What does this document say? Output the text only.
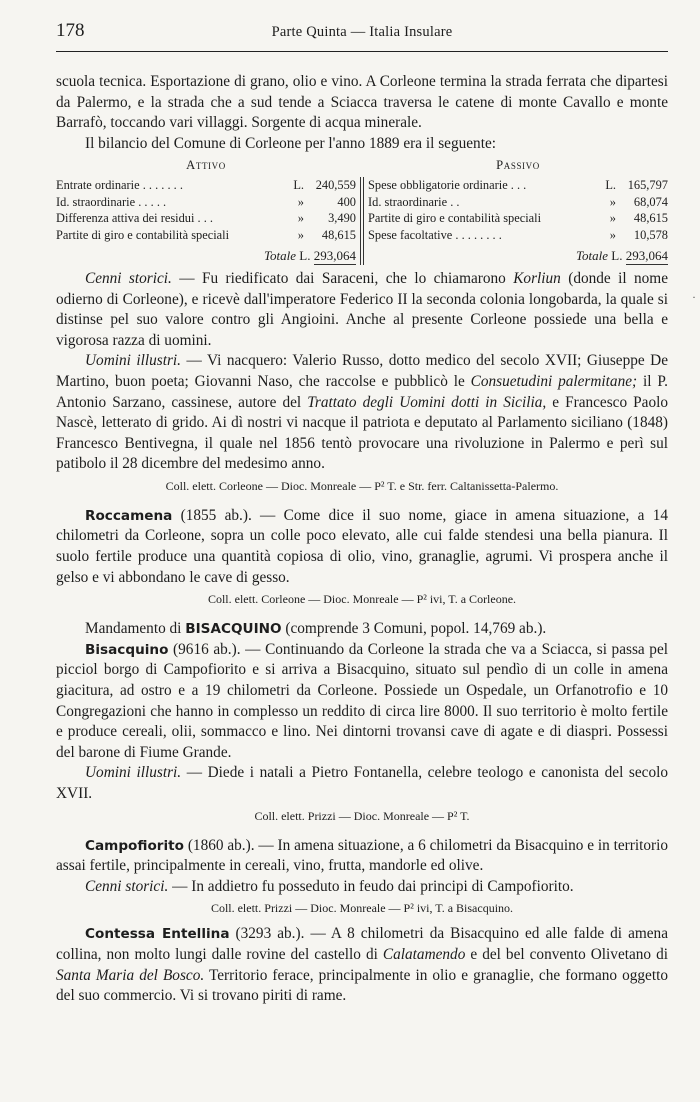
178	Parte Quinta — Italia Insulare

scuola tecnica. Esportazione di grano, olio e vino. A Corleone termina la strada ferrata che dipartesi da Palermo, e la strada che a sud tende a Sciacca traversa le catene di monte Cavallo e monte Barrafò, toccando vari villaggi. Sorgente di acqua minerale.

Il bilancio del Comune di Corleone per l'anno 1889 era il seguente:

Attivo
Entrate ordinarie . . . . . . .	L. 240,559
Id. straordinarie . . . . .	»	400
Differenza attiva dei residui . . .	» 3,490
Partite di giro e contabilità speciali	» 48,615
Totale L. 293,064
Passivo
Spese obbligatorie ordinarie . . .	L. 165,797
Id. straordinarie . .	» 68,074
Partite di giro e contabilità speciali	» 48,615
Spese facoltative . . . . . . . .	» 10,578
Totale L. 293,064

Cenni storici. — Fu riedificato dai Saraceni, che lo chiamarono Korliun (donde il nome odierno di Corleone), e ricevè dall'imperatore Federico II la seconda colonia longobarda, la quale si distinse pel suo valore contro gli Angioini. Anche al presente Corleone possiede una bella e vigorosa razza di uomini.

Uomini illustri. — Vi nacquero: Valerio Russo, dotto medico del secolo XVII; Giuseppe De Martino, buon poeta; Giovanni Naso, che raccolse e pubblicò le Consuetudini palermitane; il P. Antonio Sarzano, cassinese, autore del Trattato degli Uomini dotti in Sicilia, e Francesco Paolo Nascè, letterato di grido. Ai dì nostri vi nacque il patriota e deputato al Parlamento siciliano (1848) Francesco Bentivegna, il quale nel 1856 tentò provocare una rivoluzione in Palermo e perì sul patibolo il 28 dicembre del medesimo anno.

Coll. elett. Corleone — Dioc. Monreale — P² T. e Str. ferr. Caltanissetta-Palermo.

Roccamena (1855 ab.). — Come dice il suo nome, giace in amena situazione, a 14 chilometri da Corleone, sopra un colle poco elevato, alle cui falde stendesi una bella pianura. Il suolo fertile produce una quantità copiosa di olio, vino, granaglie, agrumi. Vi prospera anche il gelso e vi abbondano le cave di gesso.

Coll. elett. Corleone — Dioc. Monreale — P² ivi, T. a Corleone.

Mandamento di BISACQUINO (comprende 3 Comuni, popol. 14,769 ab.).

Bisacquino (9616 ab.). — Continuando da Corleone la strada che va a Sciacca, si passa pel picciol borgo di Campofiorito e si arriva a Bisacquino, situato sul pendìo di un colle in amena giacitura, ad ostro e a 19 chilometri da Corleone. Possiede un Ospedale, un Orfanotrofio e 10 Congregazioni che hanno in complesso un reddito di circa lire 8000. Il suo territorio è molto fertile e produce cereali, olii, sommacco e lino. Nei dintorni trovansi cave di agate e di diaspri. Possessi del barone di Fiume Grande.

Uomini illustri. — Diede i natali a Pietro Fontanella, celebre teologo e canonista del secolo XVII.

Coll. elett. Prizzi — Dioc. Monreale — P² T.

Campofiorito (1860 ab.). — In amena situazione, a 6 chilometri da Bisacquino e in territorio assai fertile, principalmente in cereali, vino, frutta, mandorle ed olive.

Cenni storici. — In addietro fu posseduto in feudo dai principi di Campofiorito.

Coll. elett. Prizzi — Dioc. Monreale — P² ivi, T. a Bisacquino.

Contessa Entellina (3293 ab.). — A 8 chilometri da Bisacquino ed alle falde di amena collina, non molto lungi dalle rovine del castello di Calatamendo e del bel convento Olivetano di Santa Maria del Bosco. Territorio ferace, principalmente in olio e granaglie, che formano oggetto del suo commercio. Vi si trovano piriti di rame.

·
